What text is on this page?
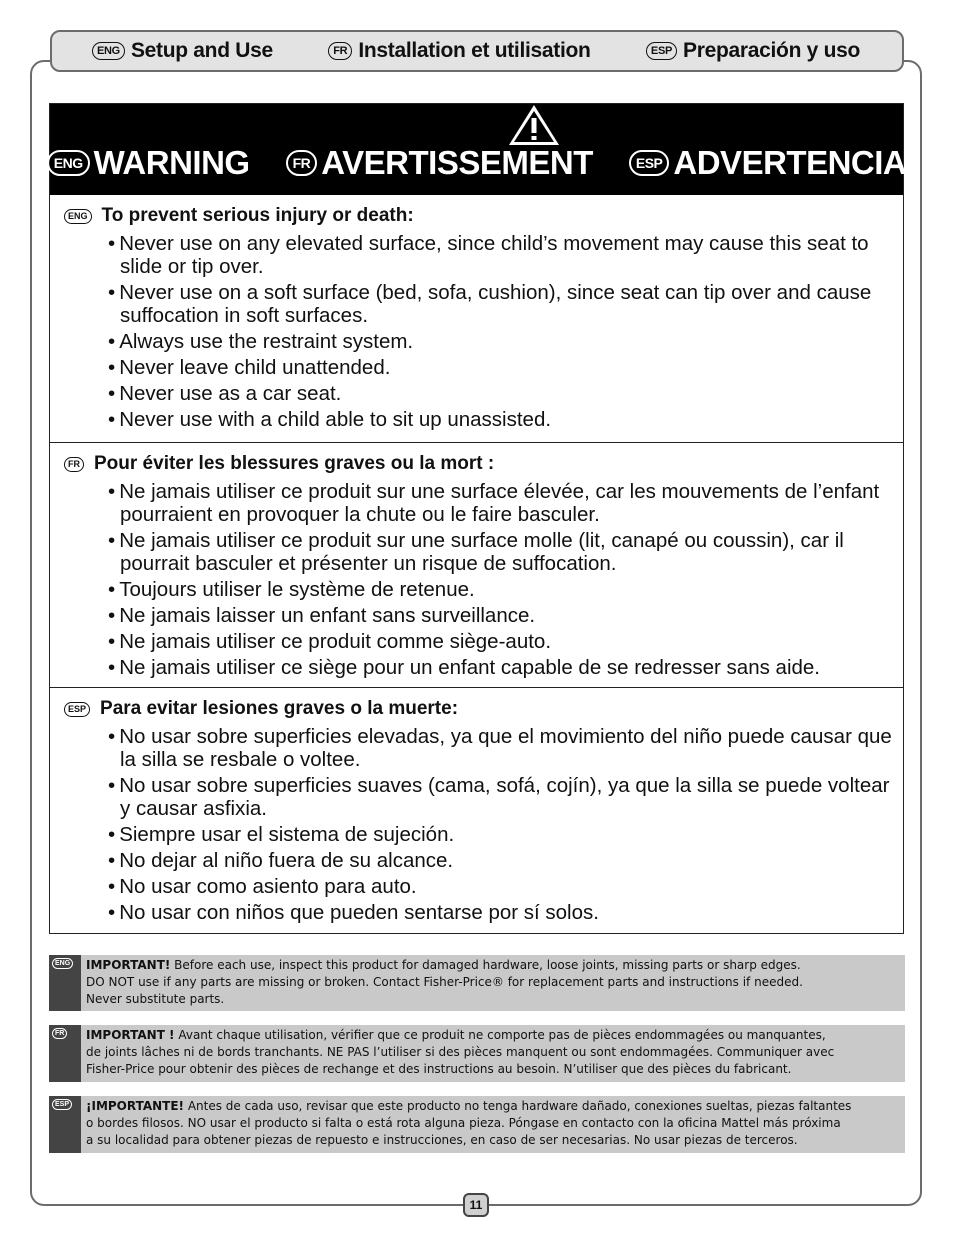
ENG Setup and Use	FR Installation et utilisation	ESP Preparación y uso
ENG WARNING	FR AVERTISSEMENT	ESP ADVERTENCIA
ENG To prevent serious injury or death:
• Never use on any elevated surface, since child’s movement may cause this seat to slide or tip over.
• Never use on a soft surface (bed, sofa, cushion), since seat can tip over and cause suffocation in soft surfaces.
• Always use the restraint system.
• Never leave child unattended.
• Never use as a car seat.
• Never use with a child able to sit up unassisted.
FR Pour éviter les blessures graves ou la mort :
• Ne jamais utiliser ce produit sur une surface élevée, car les mouvements de l’enfant pourraient en provoquer la chute ou le faire basculer.
• Ne jamais utiliser ce produit sur une surface molle (lit, canapé ou coussin), car il pourrait basculer et présenter un risque de suffocation.
• Toujours utiliser le système de retenue.
• Ne jamais laisser un enfant sans surveillance.
• Ne jamais utiliser ce produit comme siège-auto.
• Ne jamais utiliser ce siège pour un enfant capable de se redresser sans aide.
ESP Para evitar lesiones graves o la muerte:
• No usar sobre superficies elevadas, ya que el movimiento del niño puede causar que la silla se resbale o voltee.
• No usar sobre superficies suaves (cama, sofá, cojín), ya que la silla se puede voltear y causar asfixia.
• Siempre usar el sistema de sujeción.
• No dejar al niño fuera de su alcance.
• No usar como asiento para auto.
• No usar con niños que pueden sentarse por sí solos.
ENG	IMPORTANT! Before each use, inspect this product for damaged hardware, loose joints, missing parts or sharp edges.
DO NOT use if any parts are missing or broken. Contact Fisher-Price® for replacement parts and instructions if needed.
Never substitute parts.
FR	IMPORTANT ! Avant chaque utilisation, vérifier que ce produit ne comporte pas de pièces endommagées ou manquantes,
de joints lâches ni de bords tranchants. NE PAS l’utiliser si des pièces manquent ou sont endommagées. Communiquer avec
Fisher-Price pour obtenir des pièces de rechange et des instructions au besoin. N’utiliser que des pièces du fabricant.
ESP	¡IMPORTANTE! Antes de cada uso, revisar que este producto no tenga hardware dañado, conexiones sueltas, piezas faltantes
o bordes filosos. NO usar el producto si falta o está rota alguna pieza. Póngase en contacto con la oficina Mattel más próxima
a su localidad para obtener piezas de repuesto e instrucciones, en caso de ser necesarias. No usar piezas de terceros.
11
